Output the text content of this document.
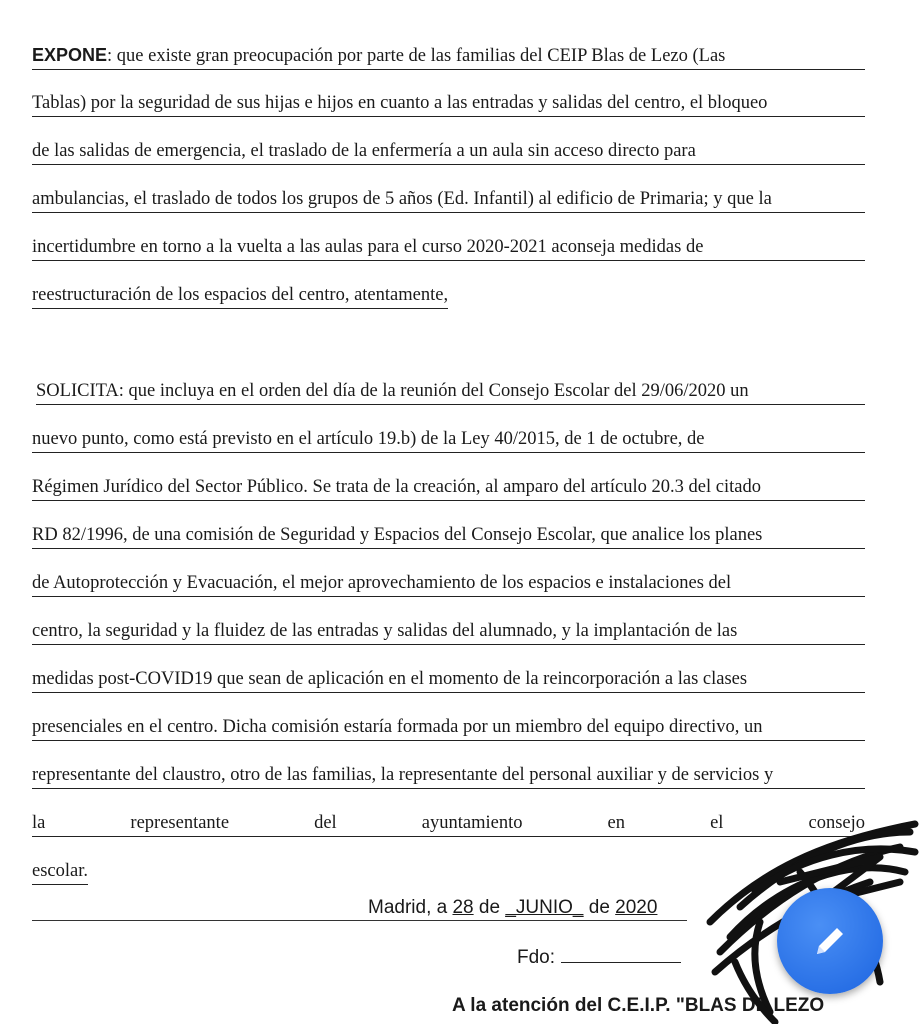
EXPONE: que existe gran preocupación por parte de las familias del CEIP Blas de Lezo (Las
Tablas) por la seguridad de sus hijas e hijos en cuanto a las entradas y salidas del centro, el bloqueo
de las salidas de emergencia, el traslado de la enfermería a un aula sin acceso directo para
ambulancias, el traslado de todos los grupos de 5 años (Ed. Infantil) al edificio de Primaria; y que la
incertidumbre en torno a la vuelta a las aulas para el curso 2020-2021 aconseja medidas de
reestructuración de los espacios del centro, atentamente,
SOLICITA: que incluya en el orden del día de la reunión del Consejo Escolar del 29/06/2020 un
nuevo punto, como está previsto en el artículo 19.b) de la Ley 40/2015, de 1 de octubre, de
Régimen Jurídico del Sector Público. Se trata de la creación, al amparo del artículo 20.3 del citado
RD 82/1996, de una comisión de Seguridad y Espacios del Consejo Escolar, que analice los planes
de Autoprotección y Evacuación, el mejor aprovechamiento de los espacios e instalaciones del
centro, la seguridad y la fluidez de las entradas y salidas del alumnado, y la implantación de las
medidas post-COVID19 que sean de aplicación en el momento de la reincorporación a las clases
presenciales en el centro. Dicha comisión estaría formada por un miembro del equipo directivo, un
representante del claustro, otro de las familias, la representante del personal auxiliar y de servicios y
la	representante	del	ayuntamiento	en	el	consejo
escolar.
Madrid, a 28 de _JUNIO_ de 2020
Fdo:
A la atención del C.E.I.P. "BLAS DE LEZO
